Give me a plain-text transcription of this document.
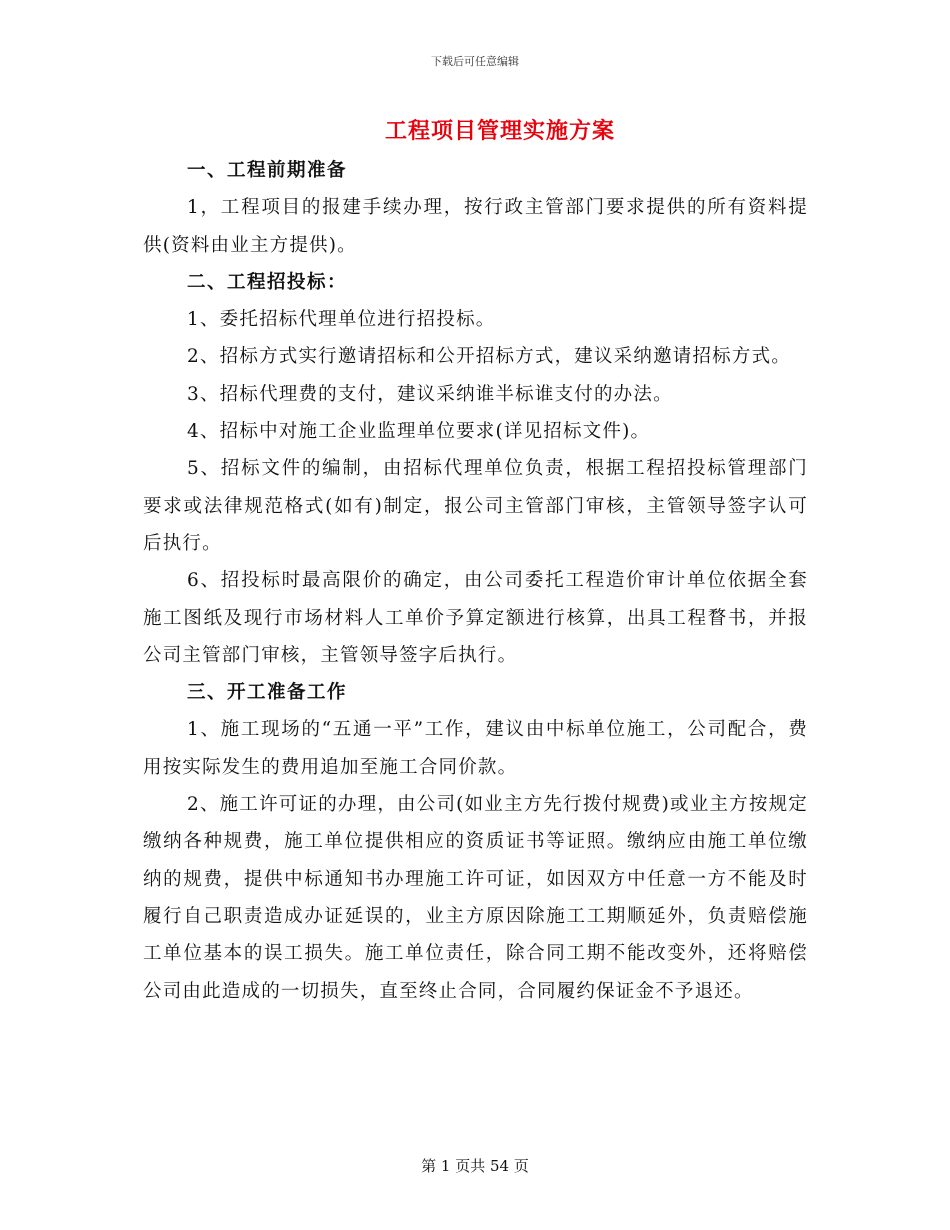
下载后可任意编辑
工程项目管理实施方案

一、工程前期准备

1，工程项目的报建手续办理，按行政主管部门要求提供的所有资料提供(资料由业主方提供)。

二、工程招投标：

1、委托招标代理单位进行招投标。

2、招标方式实行邀请招标和公开招标方式，建议采纳邀请招标方式。

3、招标代理费的支付，建议采纳谁半标谁支付的办法。

4、招标中对施工企业监理单位要求(详见招标文件)。

5、招标文件的编制，由招标代理单位负责，根据工程招投标管理部门要求或法律规范格式(如有)制定，报公司主管部门审核，主管领导签字认可后执行。

6、招投标时最高限价的确定，由公司委托工程造价审计单位依据全套施工图纸及现行市场材料人工单价予算定额进行核算，出具工程瞀书，并报公司主管部门审核，主管领导签字后执行。

三、开工准备工作

1、施工现场的“五通一平”工作，建议由中标单位施工，公司配合，费用按实际发生的费用追加至施工合同价款。

2、施工许可证的办理，由公司(如业主方先行拨付规费)或业主方按规定缴纳各种规费，施工单位提供相应的资质证书等证照。缴纳应由施工单位缴纳的规费，提供中标通知书办理施工许可证，如因双方中任意一方不能及时履行自己职责造成办证延误的，业主方原因除施工工期顺延外，负责赔偿施工单位基本的误工损失。施工单位责任，除合同工期不能改变外，还将赔偿公司由此造成的一切损失，直至终止合同，合同履约保证金不予退还。

第 1 页共 54 页
